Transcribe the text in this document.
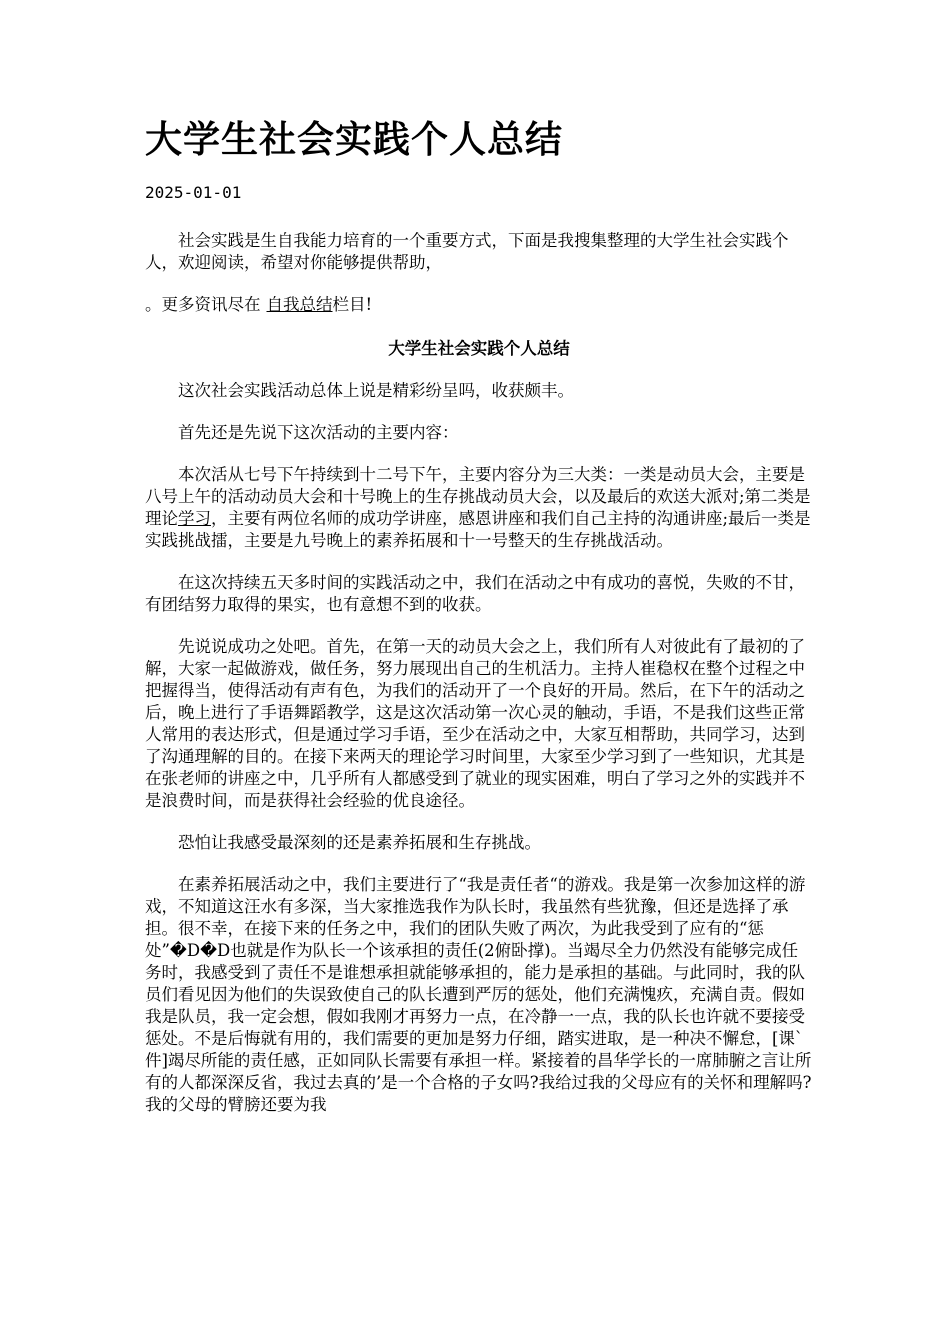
大学生社会实践个人总结
2025-01-01

社会实践是生自我能力培育的一个重要方式，下面是我搜集整理的大学生社会实践个人，欢迎阅读，希望对你能够提供帮助，

。更多资讯尽在 自我总结栏目!

大学生社会实践个人总结

这次社会实践活动总体上说是精彩纷呈吗，收获颇丰。

首先还是先说下这次活动的主要内容：

本次活从七号下午持续到十二号下午，主要内容分为三大类：一类是动员大会，主要是八号上午的活动动员大会和十号晚上的生存挑战动员大会，以及最后的欢送大派对;第二类是理论学习，主要有两位名师的成功学讲座，感恩讲座和我们自己主持的沟通讲座;最后一类是实践挑战擂，主要是九号晚上的素养拓展和十一号整天的生存挑战活动。

在这次持续五天多时间的实践活动之中，我们在活动之中有成功的喜悦，失败的不甘，有团结努力取得的果实，也有意想不到的收获。

先说说成功之处吧。首先，在第一天的动员大会之上，我们所有人对彼此有了最初的了解，大家一起做游戏，做任务，努力展现出自己的生机活力。主持人崔稳权在整个过程之中把握得当，使得活动有声有色，为我们的活动开了一个良好的开局。然后，在下午的活动之后，晚上进行了手语舞蹈教学，这是这次活动第一次心灵的触动，手语，不是我们这些正常人常用的表达形式，但是通过学习手语，至少在活动之中，大家互相帮助，共同学习，达到了沟通理解的目的。在接下来两天的理论学习时间里，大家至少学习到了一些知识，尤其是在张老师的讲座之中，几乎所有人都感受到了就业的现实困难，明白了学习之外的实践并不是浪费时间，而是获得社会经验的优良途径。

恐怕让我感受最深刻的还是素养拓展和生存挑战。

在素养拓展活动之中，我们主要进行了“我是责任者“的游戏。我是第一次参加这样的游戏，不知道这汪水有多深，当大家推选我作为队长时，我虽然有些犹豫，但还是选择了承担。很不幸，在接下来的任务之中，我们的团队失败了两次，为此我受到了应有的“惩处”�D�D也就是作为队长一个该承担的责任(2俯卧撑)。当竭尽全力仍然没有能够完成任务时，我感受到了责任不是谁想承担就能够承担的，能力是承担的基础。与此同时，我的队员们看见因为他们的失误致使自己的队长遭到严厉的惩处，他们充满愧疚，充满自责。假如我是队员，我一定会想，假如我刚才再努力一点，在冷静一一点，我的队长也许就不要接受惩处。不是后悔就有用的，我们需要的更加是努力仔细，踏实进取，是一种决不懈怠，[课`件]竭尽所能的责任感，正如同队长需要有承担一样。紧接着的昌华学长的一席肺腑之言让所有的人都深深反省，我过去真的’是一个合格的子女吗?我给过我的父母应有的关怀和理解吗?我的父母的臂膀还要为我
